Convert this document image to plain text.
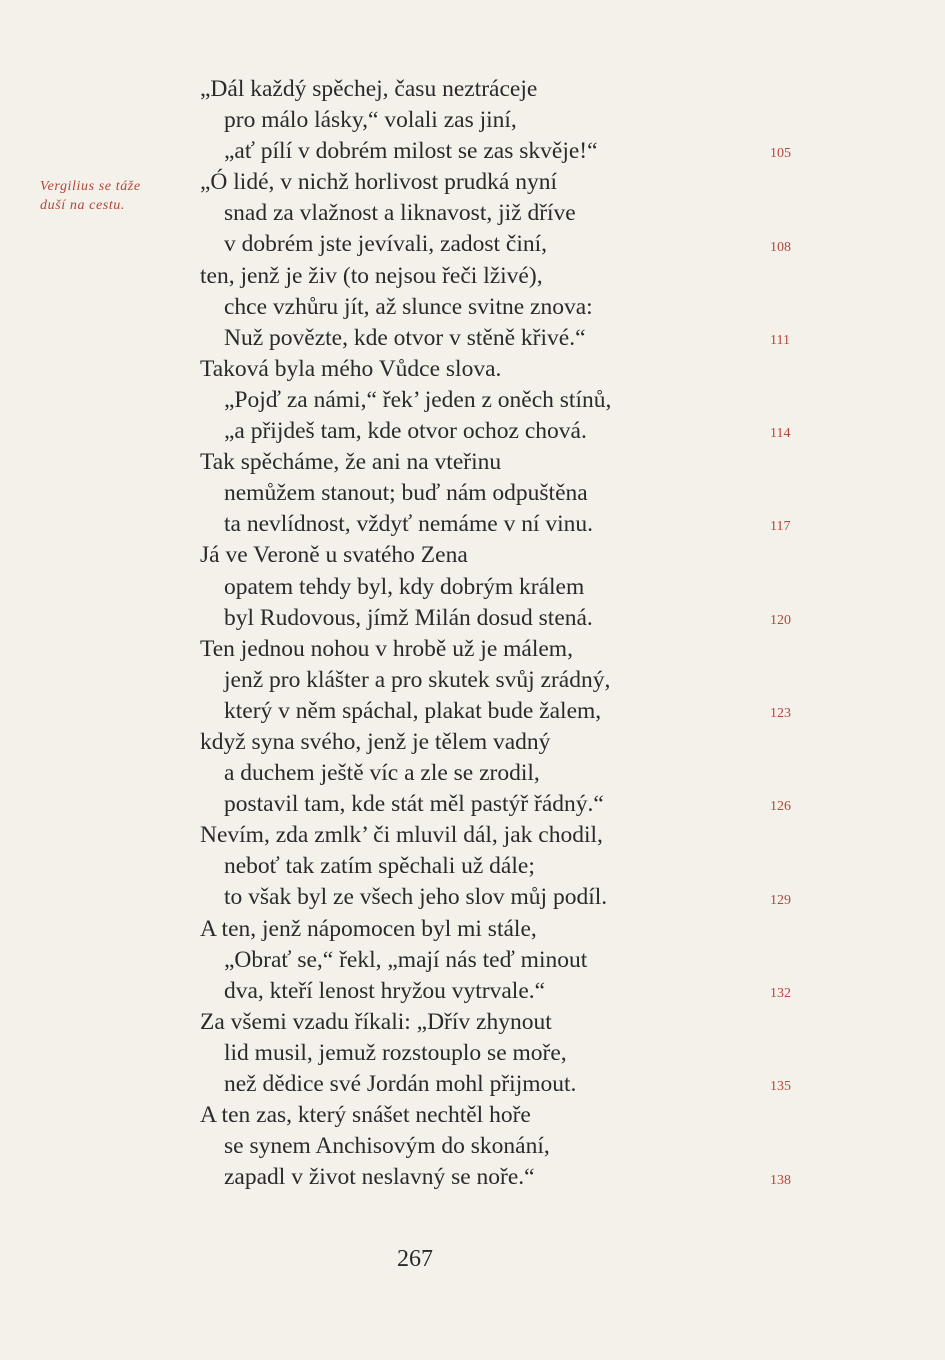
Vergilius se táže
duší na cestu.
„Dál každý spěchej, času neztráceje
pro málo lásky,“ volali zas jiní,
„ať pílí v dobrém milost se zas skvěje!“
„Ó lidé, v nichž horlivost prudká nyní
snad za vlažnost a liknavost, již dříve
v dobrém jste jevívali, zadost činí,
ten, jenž je živ (to nejsou řeči lživé),
chce vzhůru jít, až slunce svitne znova:
Nuž povězte, kde otvor v stěně křivé.“
Taková byla mého Vůdce slova.
„Pojď za námi,“ řek’ jeden z oněch stínů,
„a přijdeš tam, kde otvor ochoz chová.
Tak spěcháme, že ani na vteřinu
nemůžem stanout; buď nám odpuštěna
ta nevlídnost, vždyť nemáme v ní vinu.
Já ve Veroně u svatého Zena
opatem tehdy byl, kdy dobrým králem
byl Rudovous, jímž Milán dosud stená.
Ten jednou nohou v hrobě už je málem,
jenž pro klášter a pro skutek svůj zrádný,
který v něm spáchal, plakat bude žalem,
když syna svého, jenž je tělem vadný
a duchem ještě víc a zle se zrodil,
postavil tam, kde stát měl pastýř řádný.“
Nevím, zda zmlk’ či mluvil dál, jak chodil,
neboť tak zatím spěchali už dále;
to však byl ze všech jeho slov můj podíl.
A ten, jenž nápomocen byl mi stále,
„Obrať se,“ řekl, „mají nás teď minout
dva, kteří lenost hryžou vytrvale.“
Za všemi vzadu říkali: „Dřív zhynout
lid musil, jemuž rozstouplo se moře,
než dědice své Jordán mohl přijmout.
A ten zas, který snášet nechtěl hoře
se synem Anchisovým do skonání,
zapadl v život neslavný se noře.“
105
108
111
114
117
120
123
126
129
132
135
138
267
